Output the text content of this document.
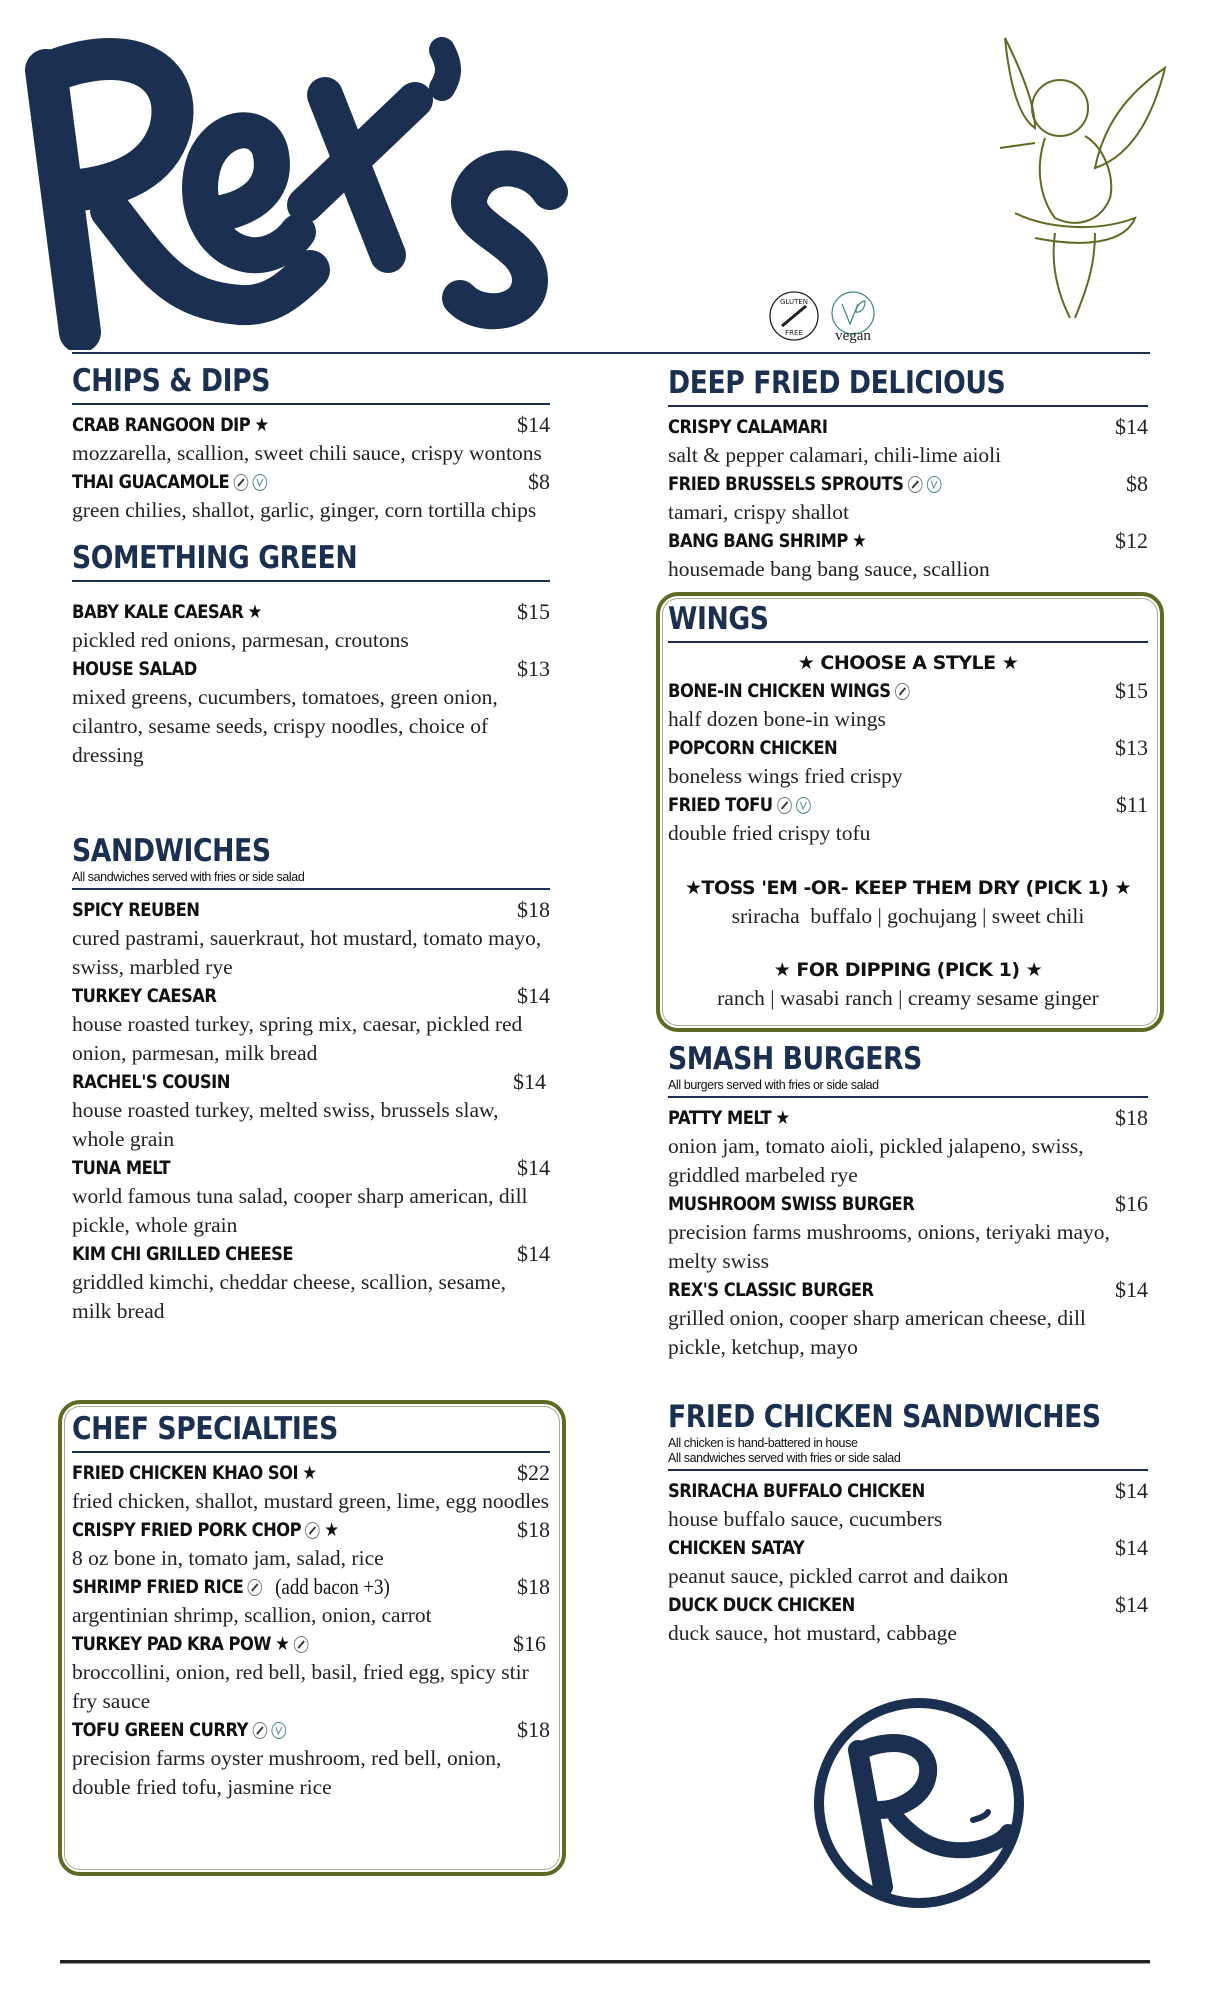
GLUTEN
FREE vegan
CHIPS & DIPS
CRAB RANGOON DIP ★	$14
mozzarella, scallion, sweet chili sauce, crispy wontons
THAI GUACAMOLE	$8
green chilies, shallot, garlic, ginger, corn tortilla chips
SOMETHING GREEN
BABY KALE CAESAR ★	$15
pickled red onions, parmesan, croutons
HOUSE SALAD	$13
mixed greens, cucumbers, tomatoes, green onion, cilantro, sesame seeds, crispy noodles, choice of dressing
SANDWICHES
All sandwiches served with fries or side salad
SPICY REUBEN	$18
cured pastrami, sauerkraut, hot mustard, tomato mayo, swiss, marbled rye
TURKEY CAESAR	$14
house roasted turkey, spring mix, caesar, pickled red onion, parmesan, milk bread
RACHEL'S COUSIN	$14
house roasted turkey, melted swiss, brussels slaw, whole grain
TUNA MELT	$14
world famous tuna salad, cooper sharp american, dill pickle, whole grain
KIM CHI GRILLED CHEESE	$14
griddled kimchi, cheddar cheese, scallion, sesame, milk bread
CHEF SPECIALTIES
FRIED CHICKEN KHAO SOI ★	$22
fried chicken, shallot, mustard green, lime, egg noodles
CRISPY FRIED PORK CHOP ★	$18
8 oz bone in, tomato jam, salad, rice
SHRIMP FRIED RICE (add bacon +3)	$18
argentinian shrimp, scallion, onion, carrot
TURKEY PAD KRA POW ★	$16
broccollini, onion, red bell, basil, fried egg, spicy stir fry sauce
TOFU GREEN CURRY	$18
precision farms oyster mushroom, red bell, onion, double fried tofu, jasmine rice
DEEP FRIED DELICIOUS
CRISPY CALAMARI	$14
salt & pepper calamari, chili-lime aioli
FRIED BRUSSELS SPROUTS	$8
tamari, crispy shallot
BANG BANG SHRIMP ★	$12
housemade bang bang sauce, scallion
WINGS
★ CHOOSE A STYLE ★
BONE-IN CHICKEN WINGS	$15
half dozen bone-in wings
POPCORN CHICKEN	$13
boneless wings fried crispy
FRIED TOFU	$11
double fried crispy tofu
★TOSS 'EM -OR- KEEP THEM DRY (PICK 1) ★
sriracha  buffalo | gochujang | sweet chili
★ FOR DIPPING (PICK 1) ★
ranch | wasabi ranch | creamy sesame ginger
SMASH BURGERS
All burgers served with fries or side salad
PATTY MELT ★	$18
onion jam, tomato aioli, pickled jalapeno, swiss, griddled marbeled rye
MUSHROOM SWISS BURGER	$16
precision farms mushrooms, onions, teriyaki mayo, melty swiss
REX'S CLASSIC BURGER	$14
grilled onion, cooper sharp american cheese, dill pickle, ketchup, mayo
FRIED CHICKEN SANDWICHES
All chicken is hand-battered in house
All sandwiches served with fries or side salad
SRIRACHA BUFFALO CHICKEN	$14
house buffalo sauce, cucumbers
CHICKEN SATAY	$14
peanut sauce, pickled carrot and daikon
DUCK DUCK CHICKEN	$14
duck sauce, hot mustard, cabbage
